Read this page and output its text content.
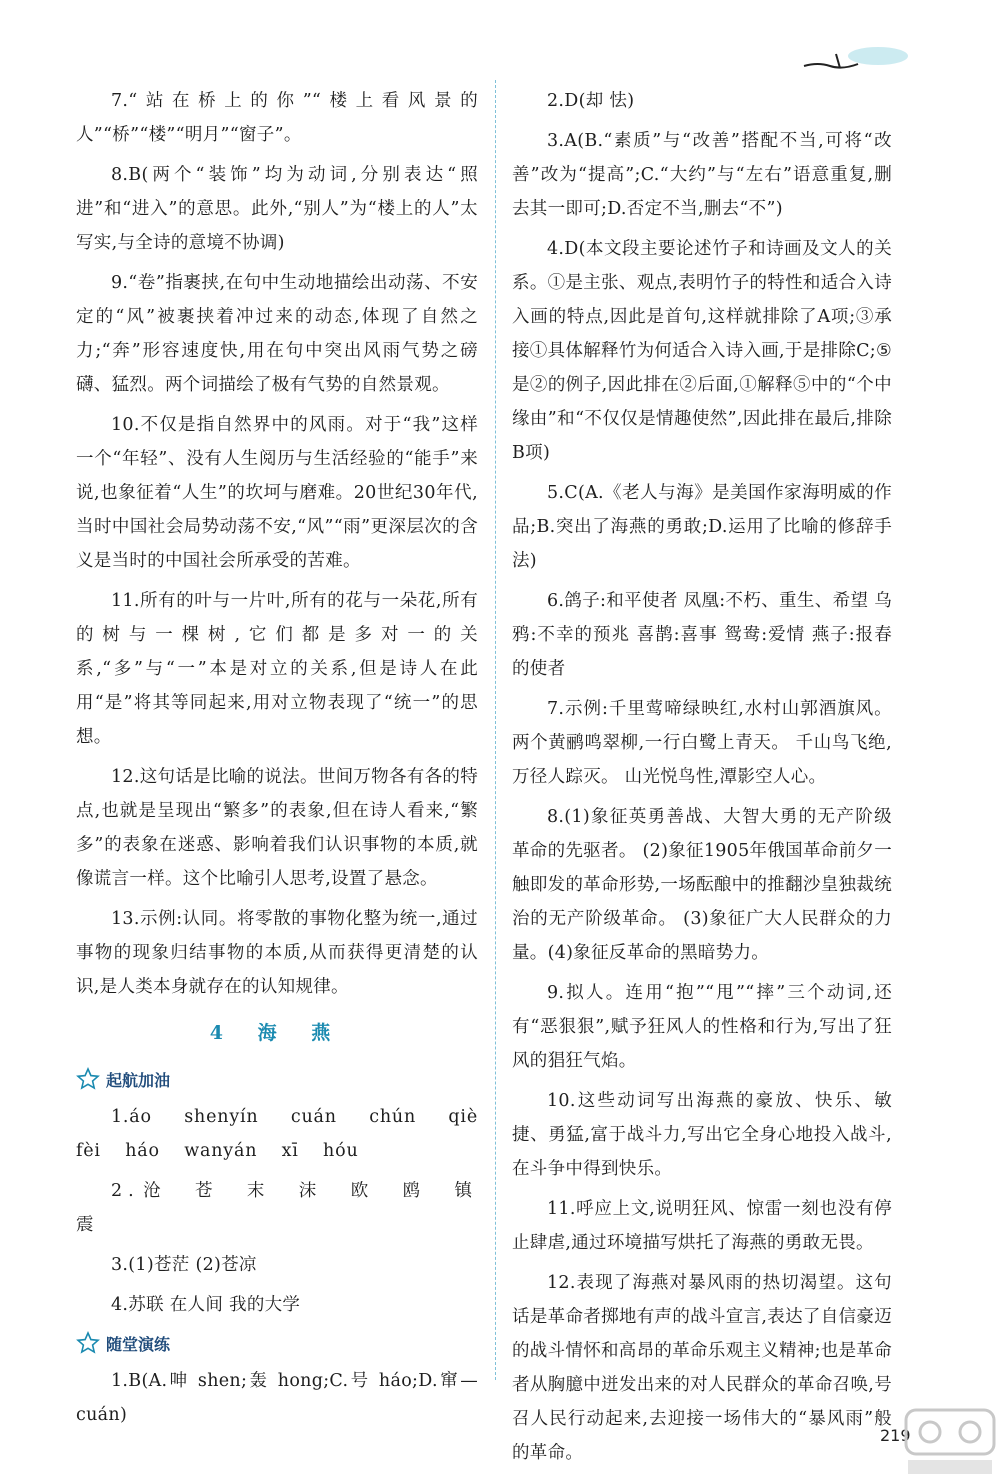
7.“站在桥上的你”“楼上看风景的人”“桥”“楼”“明月”“窗子”。

8.B(两个“装饰”均为动词,分别表达“照进”和“进入”的意思。此外,“别人”为“楼上的人”太写实,与全诗的意境不协调)

9.“卷”指裹挟,在句中生动地描绘出动荡、不安定的“风”被裹挟着冲过来的动态,体现了自然之力;“奔”形容速度快,用在句中突出风雨气势之磅礴、猛烈。两个词描绘了极有气势的自然景观。

10.不仅是指自然界中的风雨。对于“我”这样一个“年轻”、没有人生阅历与生活经验的“能手”来说,也象征着“人生”的坎坷与磨难。20世纪30年代,当时中国社会局势动荡不安,“风”“雨”更深层次的含义是当时的中国社会所承受的苦难。

11.所有的叶与一片叶,所有的花与一朵花,所有的树与一棵树,它们都是多对一的关系,“多”与“一”本是对立的关系,但是诗人在此用“是”将其等同起来,用对立物表现了“统一”的思想。

12.这句话是比喻的说法。世间万物各有各的特点,也就是呈现出“繁多”的表象,但在诗人看来,“繁多”的表象在迷惑、影响着我们认识事物的本质,就像谎言一样。这个比喻引人思考,设置了悬念。

13.示例:认同。将零散的事物化整为统一,通过事物的现象归结事物的本质,从而获得更清楚的认识,是人类本身就存在的认知规律。

4 海 燕
起航加油

1.áo shenyín cuán chún qiè fèi háo wanyán xī hóu

2.沧 苍 末 沫 欧 鸥 镇 震

3.(1)苍茫 (2)苍凉

4.苏联 在人间 我的大学

随堂演练

1.B(A.呻 shen;轰 hong;C.号 háo;D.窜—cuán)

2.D(却 怯)

3.A(B.“素质”与“改善”搭配不当,可将“改善”改为“提高”;C.“大约”与“左右”语意重复,删去其一即可;D.否定不当,删去“不”)

4.D(本文段主要论述竹子和诗画及文人的关系。①是主张、观点,表明竹子的特性和适合入诗入画的特点,因此是首句,这样就排除了A项;③承接①具体解释竹为何适合入诗入画,于是排除C;⑤是②的例子,因此排在②后面,①解释⑤中的“个中缘由”和“不仅仅是情趣使然”,因此排在最后,排除B项)

5.C(A.《老人与海》是美国作家海明威的作品;B.突出了海燕的勇敢;D.运用了比喻的修辞手法)

6.鸽子:和平使者 凤凰:不朽、重生、希望 乌鸦:不幸的预兆 喜鹊:喜事 鸳鸯:爱情 燕子:报春的使者

7.示例:千里莺啼绿映红,水村山郭酒旗风。两个黄鹂鸣翠柳,一行白鹭上青天。 千山鸟飞绝,万径人踪灭。 山光悦鸟性,潭影空人心。

8.(1)象征英勇善战、大智大勇的无产阶级革命的先驱者。 (2)象征1905年俄国革命前夕一触即发的革命形势,一场酝酿中的推翻沙皇独裁统治的无产阶级革命。 (3)象征广大人民群众的力量。(4)象征反革命的黑暗势力。

9.拟人。连用“抱”“甩”“摔”三个动词,还有“恶狠狠”,赋予狂风人的性格和行为,写出了狂风的猖狂气焰。

10.这些动词写出海燕的豪放、快乐、敏捷、勇猛,富于战斗力,写出它全身心地投入战斗,在斗争中得到快乐。

11.呼应上文,说明狂风、惊雷一刻也没有停止肆虐,通过环境描写烘托了海燕的勇敢无畏。

12.表现了海燕对暴风雨的热切渴望。这句话是革命者掷地有声的战斗宣言,表达了自信豪迈的战斗情怀和高昂的革命乐观主义精神;也是革命者从胸臆中迸发出来的对人民群众的革命召唤,号召人民行动起来,去迎接一场伟大的“暴风雨”般的革命。

219
